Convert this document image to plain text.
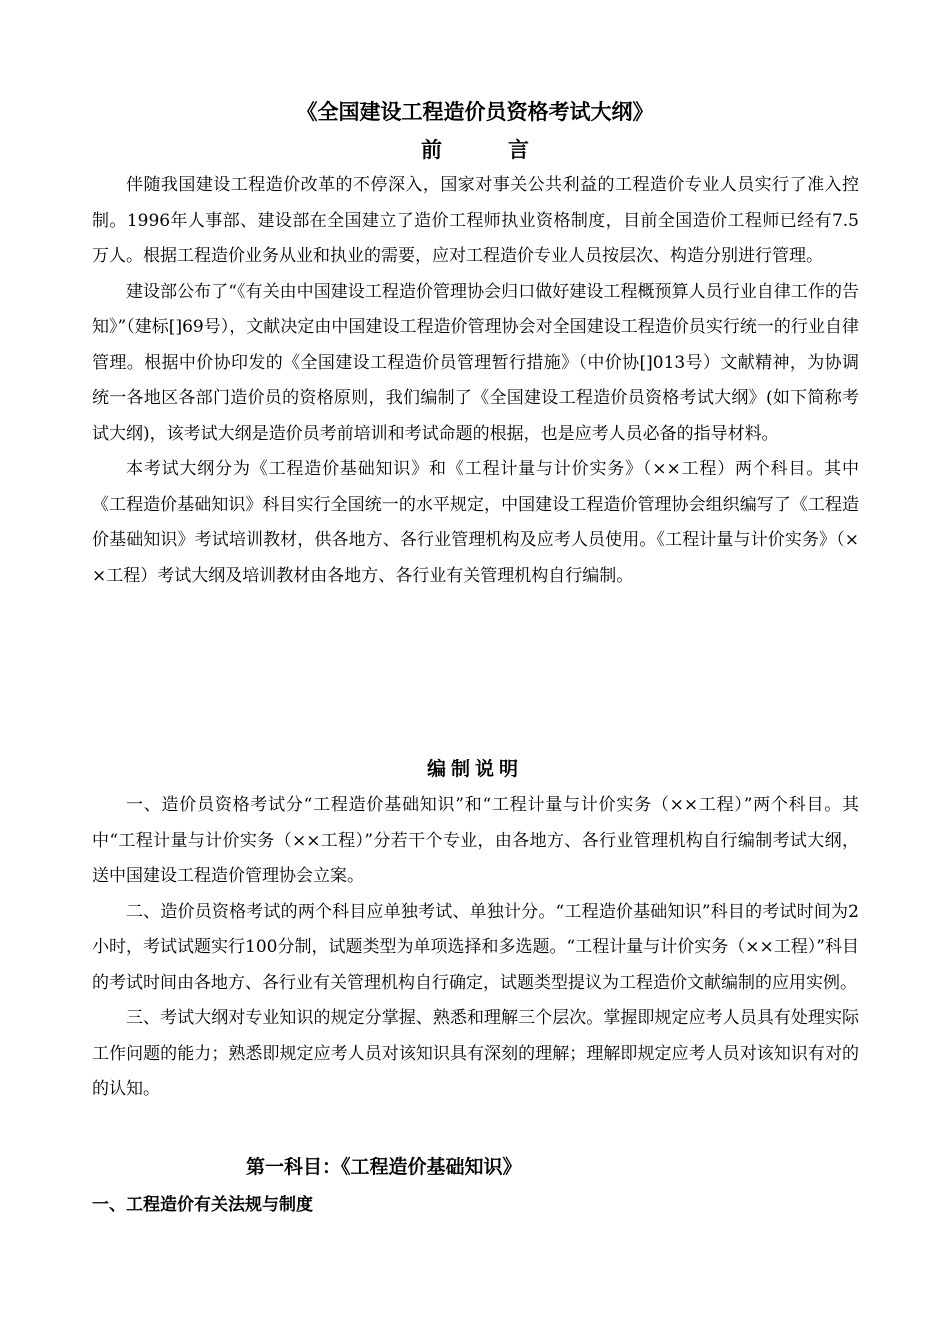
《全国建设工程造价员资格考试大纲》
前	言

伴随我国建设工程造价改革的不停深入，国家对事关公共利益的工程造价专业人员实行了准入控制。1996年人事部、建设部在全国建立了造价工程师执业资格制度，目前全国造价工程师已经有7.5万人。根据工程造价业务从业和执业的需要，应对工程造价专业人员按层次、构造分别进行管理。

建设部公布了“《有关由中国建设工程造价管理协会归口做好建设工程概预算人员行业自律工作的告知》”（建标[]69号），文献决定由中国建设工程造价管理协会对全国建设工程造价员实行统一的行业自律管理。根据中价协印发的《全国建设工程造价员管理暂行措施》（中价协[]013号）文献精神，为协调统一各地区各部门造价员的资格原则，我们编制了《全国建设工程造价员资格考试大纲》(如下简称考试大纲)，该考试大纲是造价员考前培训和考试命题的根据，也是应考人员必备的指导材料。

本考试大纲分为《工程造价基础知识》和《工程计量与计价实务》（××工程）两个科目。其中《工程造价基础知识》科目实行全国统一的水平规定，中国建设工程造价管理协会组织编写了《工程造价基础知识》考试培训教材，供各地方、各行业管理机构及应考人员使用。《工程计量与计价实务》（××工程）考试大纲及培训教材由各地方、各行业有关管理机构自行编制。

编制说明

一、造价员资格考试分“工程造价基础知识”和“工程计量与计价实务（××工程）”两个科目。其中“工程计量与计价实务（××工程）”分若干个专业，由各地方、各行业管理机构自行编制考试大纲，送中国建设工程造价管理协会立案。

二、造价员资格考试的两个科目应单独考试、单独计分。“工程造价基础知识”科目的考试时间为2小时，考试试题实行100分制，试题类型为单项选择和多选题。“工程计量与计价实务（××工程）”科目的考试时间由各地方、各行业有关管理机构自行确定，试题类型提议为工程造价文献编制的应用实例。

三、考试大纲对专业知识的规定分掌握、熟悉和理解三个层次。掌握即规定应考人员具有处理实际工作问题的能力；熟悉即规定应考人员对该知识具有深刻的理解；理解即规定应考人员对该知识有对的的认知。

第一科目：《工程造价基础知识》
一、工程造价有关法规与制度
